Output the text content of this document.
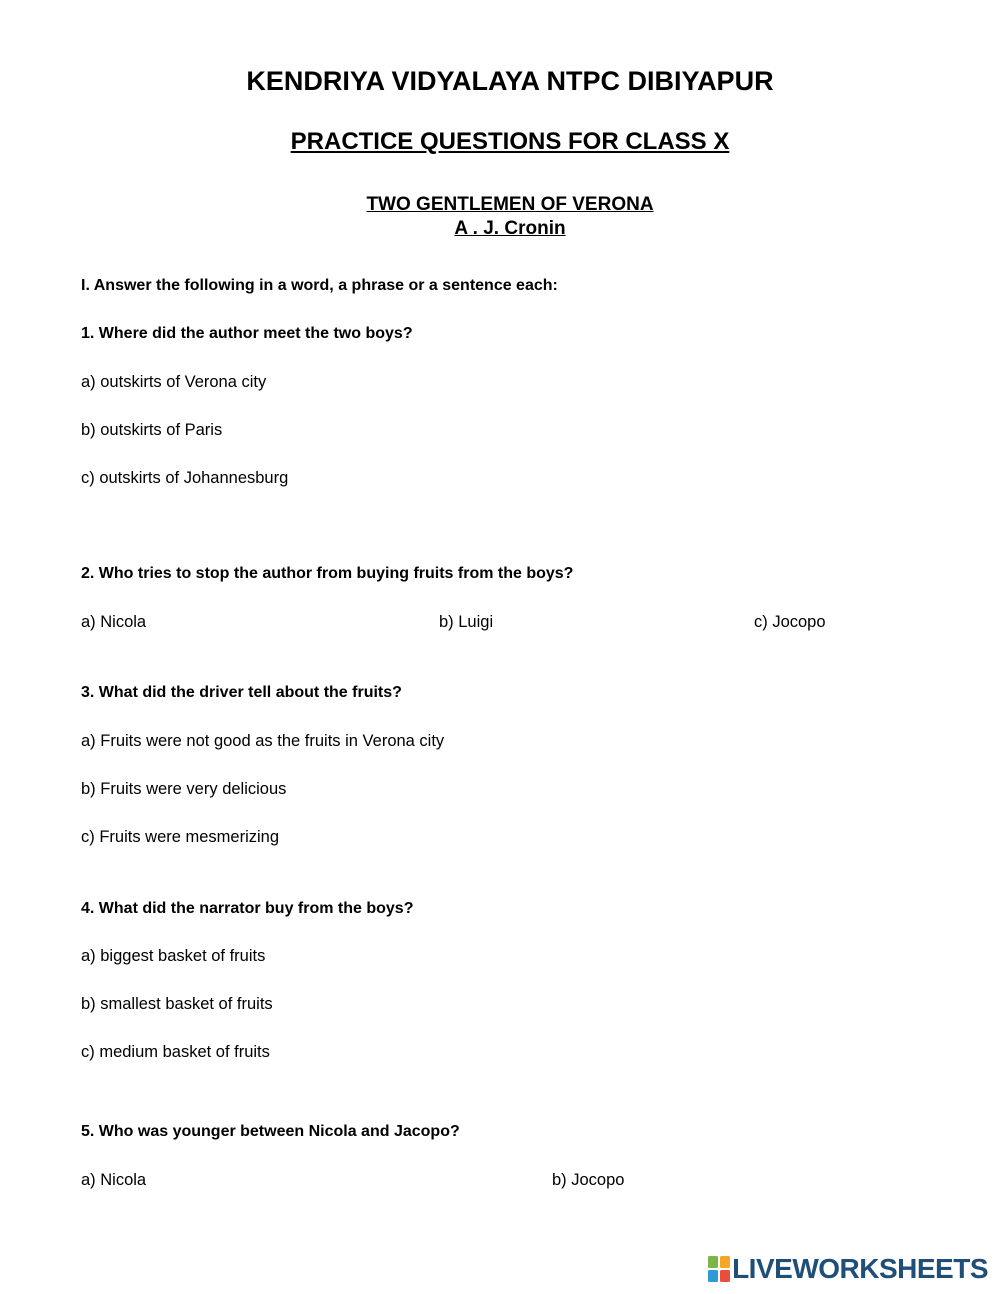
KENDRIYA VIDYALAYA NTPC DIBIYAPUR
PRACTICE QUESTIONS FOR CLASS X
TWO GENTLEMEN OF VERONA
A . J. Cronin
I. Answer the following in a word, a phrase or a sentence each:
1. Where did the author meet the two boys?
a) outskirts of Verona city
b) outskirts of Paris
c) outskirts of Johannesburg
2. Who tries to stop the author from buying fruits from the boys?
a) Nicola	b) Luigi	c) Jocopo
3. What did the driver tell about the fruits?
a) Fruits were not good as the fruits in Verona city
b) Fruits were very delicious
c) Fruits were mesmerizing
4. What did the narrator buy from the boys?
a) biggest basket of fruits
b) smallest basket of fruits
c) medium basket of fruits
5. Who was younger between Nicola and Jacopo?
a) Nicola	b) Jocopo
LIVEWORKSHEETS
